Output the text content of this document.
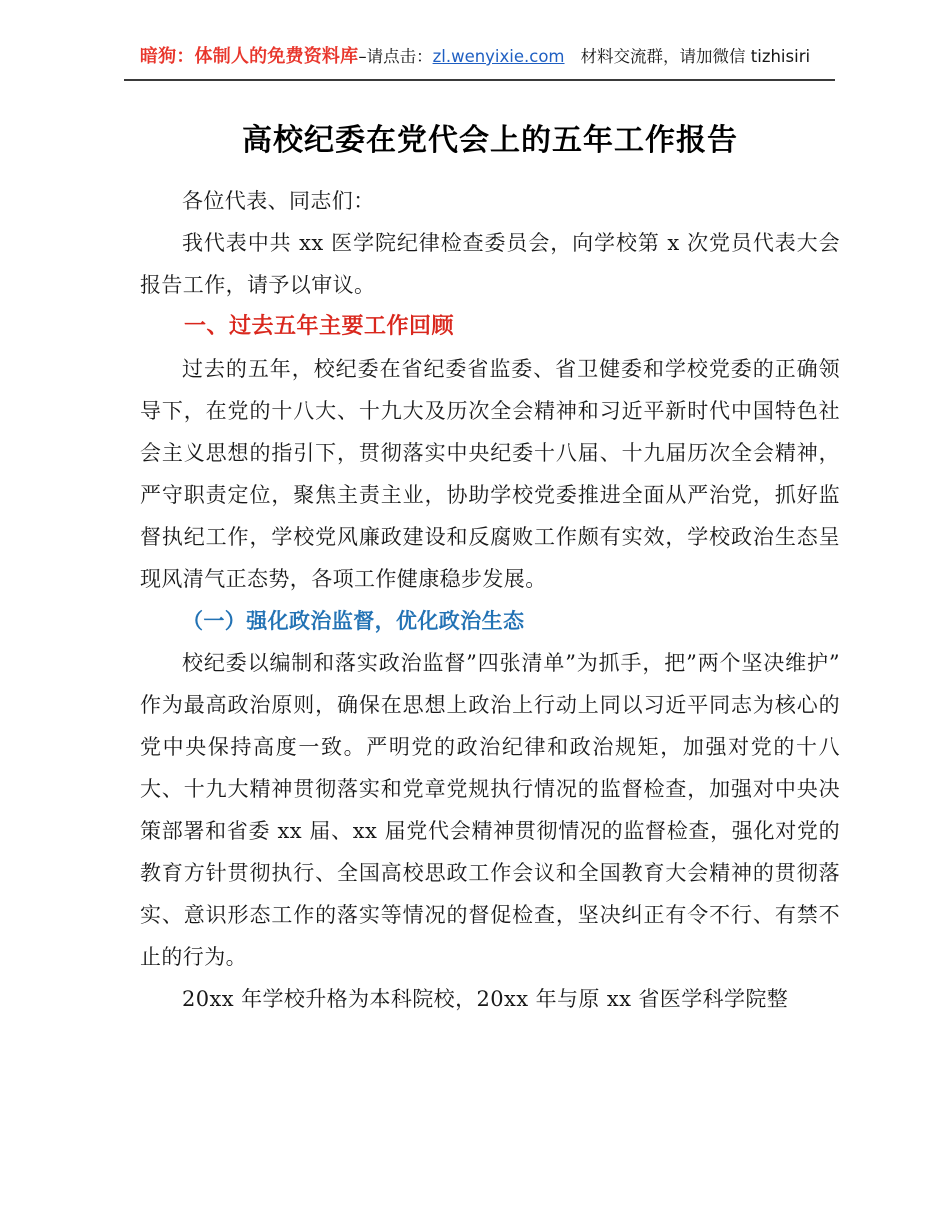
暗狗：体制人的免费资料库–请点击：zl.wenyixie.com 材料交流群，请加微信 tizhisiri
高校纪委在党代会上的五年工作报告

各位代表、同志们：

我代表中共 xx 医学院纪律检查委员会，向学校第 x 次党员代表大会报告工作，请予以审议。

一、过去五年主要工作回顾

过去的五年，校纪委在省纪委省监委、省卫健委和学校党委的正确领导下，在党的十八大、十九大及历次全会精神和习近平新时代中国特色社会主义思想的指引下，贯彻落实中央纪委十八届、十九届历次全会精神，严守职责定位，聚焦主责主业，协助学校党委推进全面从严治党，抓好监督执纪工作，学校党风廉政建设和反腐败工作颇有实效，学校政治生态呈现风清气正态势，各项工作健康稳步发展。

（一）强化政治监督，优化政治生态

校纪委以编制和落实政治监督”四张清单”为抓手，把”两个坚决维护”作为最高政治原则，确保在思想上政治上行动上同以习近平同志为核心的党中央保持高度一致。严明党的政治纪律和政治规矩，加强对党的十八大、十九大精神贯彻落实和党章党规执行情况的监督检查，加强对中央决策部署和省委 xx 届、xx 届党代会精神贯彻情况的监督检查，强化对党的教育方针贯彻执行、全国高校思政工作会议和全国教育大会精神的贯彻落实、意识形态工作的落实等情况的督促检查，坚决纠正有令不行、有禁不止的行为。

20xx 年学校升格为本科院校，20xx 年与原 xx 省医学科学院整
